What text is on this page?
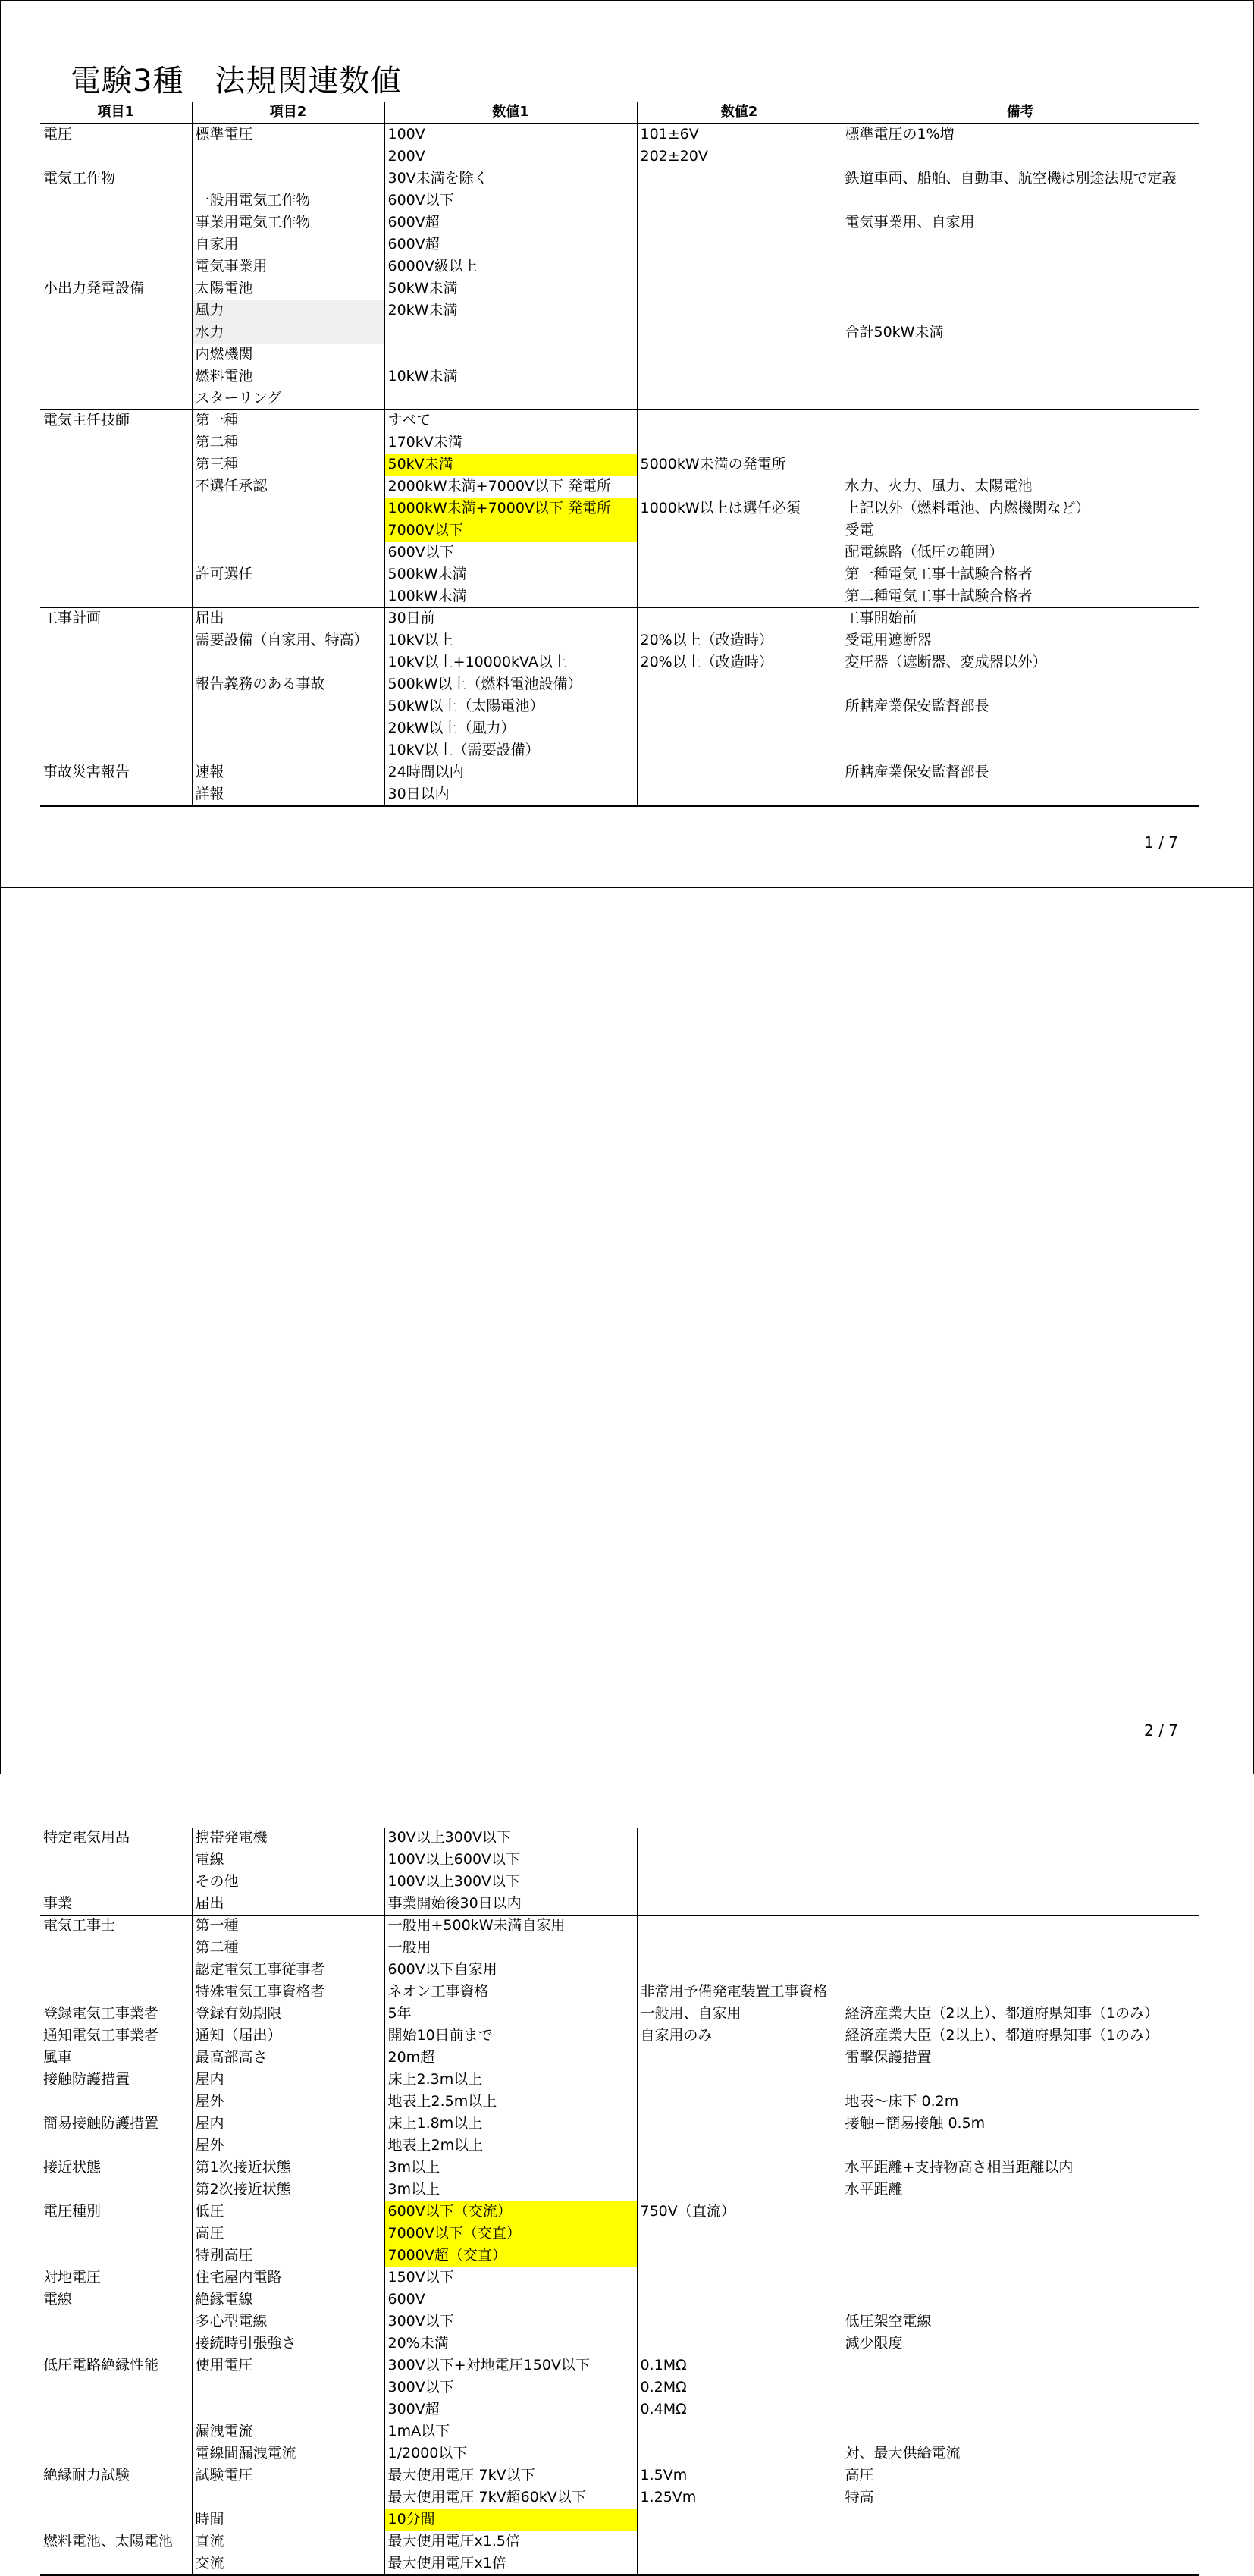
電験3種　法規関連数値
項目1	項目2	数値1	数値2	備考
電圧	標準電圧	100V	101±6V	標準電圧の1%増
		200V	202±20V	
電気工作物		30V未満を除く		鉄道車両、船舶、自動車、航空機は別途法規で定義
	一般用電気工作物	600V以下		
	事業用電気工作物	600V超		電気事業用、自家用
	自家用	600V超		
	電気事業用	6000V級以上		
小出力発電設備	太陽電池	50kW未満		
	風力	20kW未満		
	水力			合計50kW未満
	内燃機関			
	燃料電池	10kW未満		
	スターリング			
電気主任技師	第一種	すべて		
	第二種	170kV未満		
	第三種	50kV未満	5000kW未満の発電所	
	不選任承認	2000kW未満+7000V以下 発電所		水力、火力、風力、太陽電池
		1000kW未満+7000V以下 発電所	1000kW以上は選任必須	上記以外（燃料電池、内燃機関など）
		7000V以下		受電
		600V以下		配電線路（低圧の範囲）
	許可選任	500kW未満		第一種電気工事士試験合格者
		100kW未満		第二種電気工事士試験合格者
工事計画	届出	30日前		工事開始前
	需要設備（自家用、特高）	10kV以上	20%以上（改造時）	受電用遮断器
		10kV以上+10000kVA以上	20%以上（改造時）	変圧器（遮断器、変成器以外）
	報告義務のある事故	500kW以上（燃料電池設備）		
		50kW以上（太陽電池）		所轄産業保安監督部長
		20kW以上（風力）		
		10kV以上（需要設備）		
事故災害報告	速報	24時間以内		所轄産業保安監督部長
	詳報	30日以内		
1 / 7
特定電気用品	携帯発電機	30V以上300V以下		
	電線	100V以上600V以下		
	その他	100V以上300V以下		
事業	届出	事業開始後30日以内		
電気工事士	第一種	一般用+500kW未満自家用		
	第二種	一般用		
	認定電気工事従事者	600V以下自家用		
	特殊電気工事資格者	ネオン工事資格	非常用予備発電装置工事資格	
登録電気工事業者	登録有効期限	5年	一般用、自家用	経済産業大臣（2以上）、都道府県知事（1のみ）
通知電気工事業者	通知（届出）	開始10日前まで	自家用のみ	経済産業大臣（2以上）、都道府県知事（1のみ）
風車	最高部高さ	20m超		雷撃保護措置
接触防護措置	屋内	床上2.3m以上		
	屋外	地表上2.5m以上		地表～床下 0.2m
簡易接触防護措置	屋内	床上1.8m以上		接触−簡易接触 0.5m
	屋外	地表上2m以上		
接近状態	第1次接近状態	3m以上		水平距離+支持物高さ相当距離以内
	第2次接近状態	3m以上		水平距離
電圧種別	低圧	600V以下（交流）	750V（直流）	
	高圧	7000V以下（交直）		
	特別高圧	7000V超（交直）		
対地電圧	住宅屋内電路	150V以下		
電線	絶縁電線	600V		
	多心型電線	300V以下		低圧架空電線
	接続時引張強さ	20%未満		減少限度
低圧電路絶縁性能	使用電圧	300V以下+対地電圧150V以下	0.1MΩ	
		300V以下	0.2MΩ	
		300V超	0.4MΩ	
	漏洩電流	1mA以下		
	電線間漏洩電流	1/2000以下		対、最大供給電流
絶縁耐力試験	試験電圧	最大使用電圧 7kV以下	1.5Vm	高圧
		最大使用電圧 7kV超60kV以下	1.25Vm	特高
	時間	10分間		
燃料電池、太陽電池	直流	最大使用電圧x1.5倍		
	交流	最大使用電圧x1倍		
2 / 7
